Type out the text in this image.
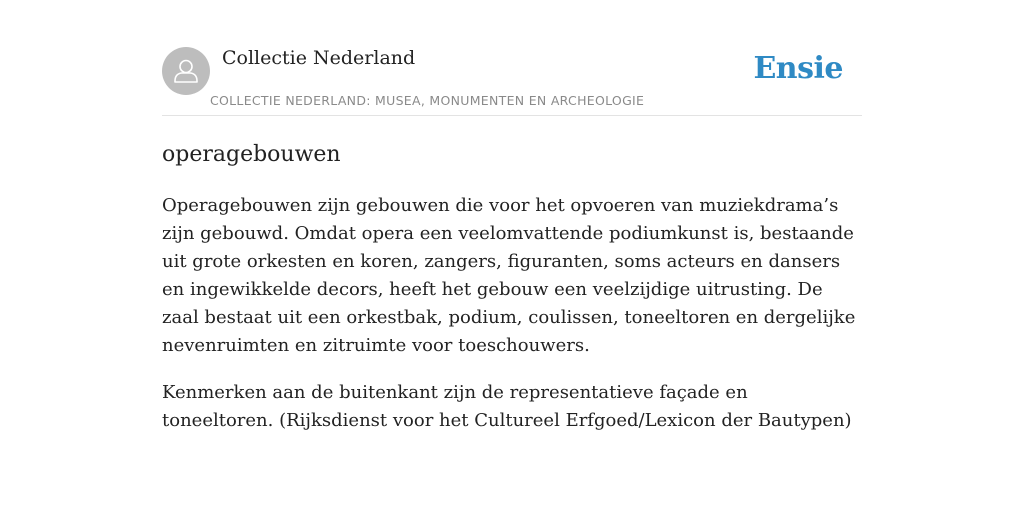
Collectie Nederland
COLLECTIE NEDERLAND: MUSEA, MONUMENTEN EN ARCHEOLOGIE
Ensie
operagebouwen

Operagebouwen zijn gebouwen die voor het opvoeren van muziekdrama’s zijn gebouwd. Omdat opera een veelomvattende podiumkunst is, bestaande uit grote orkesten en koren, zangers, figuranten, soms acteurs en dansers en ingewikkelde decors, heeft het gebouw een veelzijdige uitrusting. De zaal bestaat uit een orkestbak, podium, coulissen, toneeltoren en dergelijke nevenruimten en zitruimte voor toeschouwers.

Kenmerken aan de buitenkant zijn de representatieve façade en toneeltoren. (Rijksdienst voor het Cultureel Erfgoed/Lexicon der Bautypen)
